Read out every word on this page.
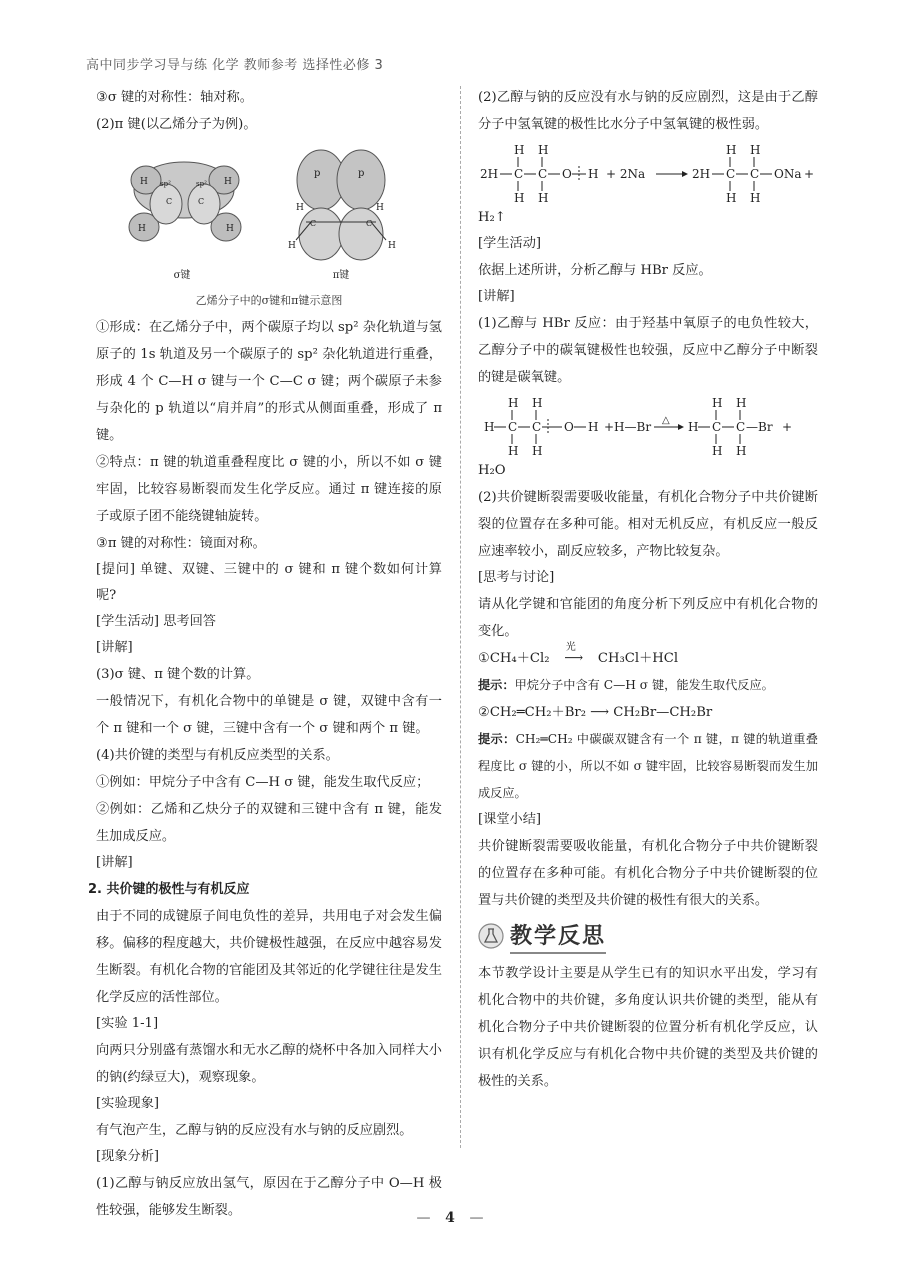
高中同步学习导与练 化学 教师参考 选择性必修 3

③σ 键的对称性：轴对称。

(2)π 键(以乙烯分子为例)。

H
H
H
H
sp²	sp²
C	C
p	p
C	C
H	H
H	H
σ键	π键

乙烯分子中的σ键和π键示意图

①形成：在乙烯分子中，两个碳原子均以 sp² 杂化轨道与氢原子的 1s 轨道及另一个碳原子的 sp² 杂化轨道进行重叠，形成 4 个 C—H σ 键与一个 C—C σ 键；两个碳原子未参与杂化的 p 轨道以“肩并肩”的形式从侧面重叠，形成了 π 键。

②特点：π 键的轨道重叠程度比 σ 键的小，所以不如 σ 键牢固，比较容易断裂而发生化学反应。通过 π 键连接的原子或原子团不能绕键轴旋转。

③π 键的对称性：镜面对称。

[提问] 单键、双键、三键中的 σ 键和 π 键个数如何计算呢?

[学生活动] 思考回答

[讲解]

(3)σ 键、π 键个数的计算。

一般情况下，有机化合物中的单键是 σ 键，双键中含有一个 π 键和一个 σ 键，三键中含有一个 σ 键和两个 π 键。

(4)共价键的类型与有机反应类型的关系。

①例如：甲烷分子中含有 C—H σ 键，能发生取代反应；

②例如：乙烯和乙炔分子的双键和三键中含有 π 键，能发生加成反应。

[讲解]

2. 共价键的极性与有机反应

由于不同的成键原子间电负性的差异，共用电子对会发生偏移。偏移的程度越大，共价键极性越强，在反应中越容易发生断裂。有机化合物的官能团及其邻近的化学键往往是发生化学反应的活性部位。

[实验 1-1]

向两只分别盛有蒸馏水和无水乙醇的烧杯中各加入同样大小的钠(约绿豆大)，观察现象。

[实验现象]

有气泡产生，乙醇与钠的反应没有水与钠的反应剧烈。

[现象分析]

(1)乙醇与钠反应放出氢气，原因在于乙醇分子中 O—H 极性较强，能够发生断裂。

(2)乙醇与钠的反应没有水与钠的反应剧烈，这是由于乙醇分子中氢氧键的极性比水分子中氢氧键的极性弱。

2H C C O H
H H
H H
+ 2Na	2H C C ONa +
H H
H H

H₂↑

[学生活动]

依据上述所讲，分析乙醇与 HBr 反应。

[讲解]

(1)乙醇与 HBr 反应：由于羟基中氧原子的电负性较大，乙醇分子中的碳氧键极性也较强，反应中乙醇分子中断裂的键是碳氧键。

H C C O H
H H
H H
+H—Br △ H C C —Br +
H H
H H

H₂O

(2)共价键断裂需要吸收能量，有机化合物分子中共价键断裂的位置存在多种可能。相对无机反应，有机反应一般反应速率较小，副反应较多，产物比较复杂。

[思考与讨论]

请从化学键和官能团的角度分析下列反应中有机化合物的变化。

①CH₄＋Cl₂
光
⟶ CH₃Cl＋HCl

提示：甲烷分子中含有 C—H σ 键，能发生取代反应。

②CH₂═CH₂＋Br₂ ⟶ CH₂Br—CH₂Br

提示：CH₂═CH₂ 中碳碳双键含有一个 π 键，π 键的轨道重叠程度比 σ 键的小，所以不如 σ 键牢固，比较容易断裂而发生加成反应。

[课堂小结]

共价键断裂需要吸收能量，有机化合物分子中共价键断裂的位置存在多种可能。有机化合物分子中共价键断裂的位置与共价键的类型及共价键的极性有很大的关系。

教学反思

本节教学设计主要是从学生已有的知识水平出发，学习有机化合物中的共价键，多角度认识共价键的类型，能从有机化合物分子中共价键断裂的位置分析有机化学反应，认识有机化学反应与有机化合物中共价键的类型及共价键的极性的关系。

— 4 —
